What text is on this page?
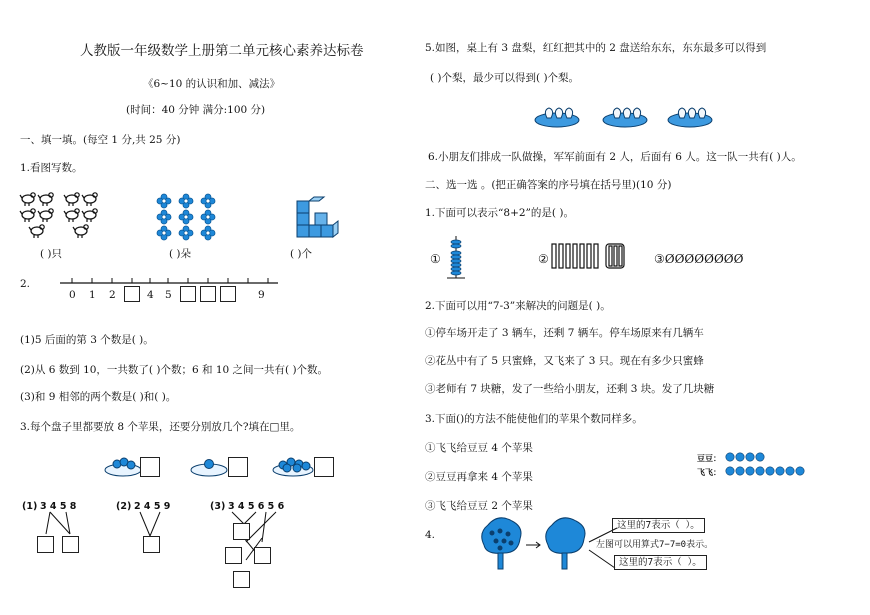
人教版一年级数学上册第二单元核心素养达标卷
《6~10 的认识和加、减法》
(时间：40 分钟 满分:100 分)
一、填一填。(每空 1 分,共 25 分)
1.看图写数。
( )只	( )朵	( )个
2.
0 1 2	4 5	9
(1)5 后面的第 3 个数是( )。
(2)从 6 数到 10，一共数了( )个数；6 和 10 之间一共有( )个数。
(3)和 9 相邻的两个数是( )和( )。
3.每个盘子里都要放 8 个苹果，还要分别放几个?填在□里。
(1) 3 4 5 8	(2) 2 4 5 9	(3) 3 4 5 6 5 6
5.如图，桌上有 3 盘梨，红红把其中的 2 盘送给东东，东东最多可以得到
( )个梨，最少可以得到( )个梨。
6.小朋友们排成一队做操，军军前面有 2 人，后面有 6 人。这一队一共有( )人。
二、选一选 。(把正确答案的序号填在括号里)(10 分)
1.下面可以表示“8+2”的是( )。
①	②	③ØØØØØØØØ
2.下面可以用“7-3”来解决的问题是( )。
①停车场开走了 3 辆车，还剩 7 辆车。停车场原来有几辆车
②花丛中有了 5 只蜜蜂，又飞来了 3 只。现在有多少只蜜蜂
③老师有 7 块糖，发了一些给小朋友，还剩 3 块。发了几块糖
3.下面()的方法不能使他们的苹果个数同样多。
①飞飞给豆豆 4 个苹果
②豆豆再拿来 4 个苹果
③飞飞给豆豆 2 个苹果
豆豆：
飞飞：
4.
这里的7表示（ ）。
左图可以用算式7−7=0表示。
这里的7表示（ ）。
